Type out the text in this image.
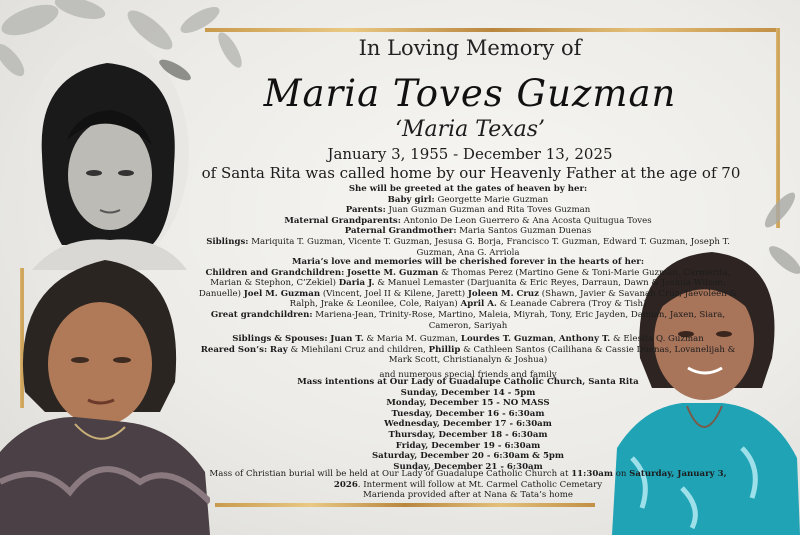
In Loving Memory of
Maria Toves Guzman
‘Maria Texas’
January 3, 1955 - December 13, 2025
of Santa Rita was called home by our Heavenly Father at the age of 70
She will be greeted at the gates of heaven by her:
Baby girl: Georgette Marie Guzman
Parents: Juan Guzman Guzman and Rita Toves Guzman
Maternal Grandparents: Antonio De Leon Guerrero & Ana Acosta Quitugua Toves
Paternal Grandmother: Maria Santos Guzman Duenas
Siblings: Mariquita T. Guzman, Vicente T. Guzman, Jesusa G. Borja, Francisco T. Guzman, Edward T. Guzman, Joseph T. Guzman, Ana G. Arriola
Maria’s love and memories will be cherished forever in the hearts of her:
Children and Grandchildren: Josette M. Guzman & Thomas Perez (Martino Gene & Toni-Marie Guzman, Carmerita, Marian & Stephon, C’Zekiel) Daria J. & Manuel Lemaster (Darjuanita & Eric Reyes, Darraun, Dawn & Joshua Wilson, Danuelle) Joel M. Guzman (Vincent, Joel II & Kilene, Jarett) Joleen M. Cruz (Shawn, Javier & Savanah Cruz, Jaevoleen & Ralph, Jrake & Leonilee, Cole, Raiyan) April A. & Leanade Cabrera (Troy & Tish)
Great grandchildren: Mariena-Jean, Trinity-Rose, Martino, Maleia, Miyrah, Tony, Eric Jayden, Damian, Jaxen, Siara, Cameron, Sariyah
Siblings & Spouses: Juan T. & Maria M. Guzman, Lourdes T. Guzman, Anthony T. & Elesita Q. Guzman
Reared Son’s: Ray & Miehilani Cruz and children, Phillip & Cathleen Santos (Cailihana & Cassie Duenas, Lovanelijah & Mark Scott, Christianalyn & Joshua)
and numerous special friends and family
Mass intentions at Our Lady of Guadalupe Catholic Church, Santa Rita
Sunday, December 14 - 5pm
Monday, December 15 - NO MASS
Tuesday, December 16 - 6:30am
Wednesday, December 17 - 6:30am
Thursday, December 18 - 6:30am
Friday, December 19 - 6:30am
Saturday, December 20 - 6:30am & 5pm
Sunday, December 21 - 6:30am
Mass of Christian burial will be held at Our Lady of Guadalupe Catholic Church at 11:30am on Saturday, January 3, 2026. Interment will follow at Mt. Carmel Catholic Cemetary
Marienda provided after at Nana & Tata’s home
